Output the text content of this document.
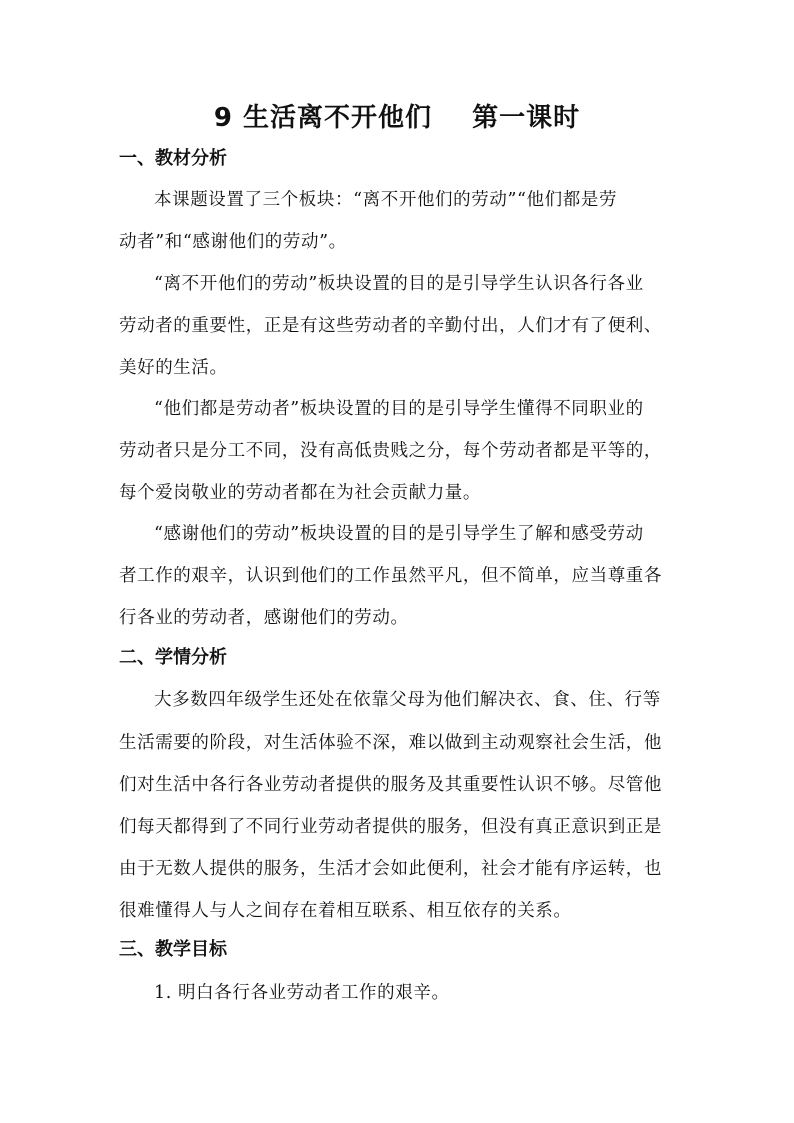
9 生活离不开他们    第一课时
一、教材分析
本课题设置了三个板块：“离不开他们的劳动”“他们都是劳
动者”和“感谢他们的劳动”。
“离不开他们的劳动”板块设置的目的是引导学生认识各行各业
劳动者的重要性，正是有这些劳动者的辛勤付出，人们才有了便利、
美好的生活。
“他们都是劳动者”板块设置的目的是引导学生懂得不同职业的
劳动者只是分工不同，没有高低贵贱之分，每个劳动者都是平等的，
每个爱岗敬业的劳动者都在为社会贡献力量。
“感谢他们的劳动”板块设置的目的是引导学生了解和感受劳动
者工作的艰辛，认识到他们的工作虽然平凡，但不简单，应当尊重各
行各业的劳动者，感谢他们的劳动。
二、学情分析
大多数四年级学生还处在依靠父母为他们解决衣、食、住、行等
生活需要的阶段，对生活体验不深，难以做到主动观察社会生活，他
们对生活中各行各业劳动者提供的服务及其重要性认识不够。尽管他
们每天都得到了不同行业劳动者提供的服务，但没有真正意识到正是
由于无数人提供的服务，生活才会如此便利，社会才能有序运转，也
很难懂得人与人之间存在着相互联系、相互依存的关系。
三、教学目标
1. 明白各行各业劳动者工作的艰辛。
